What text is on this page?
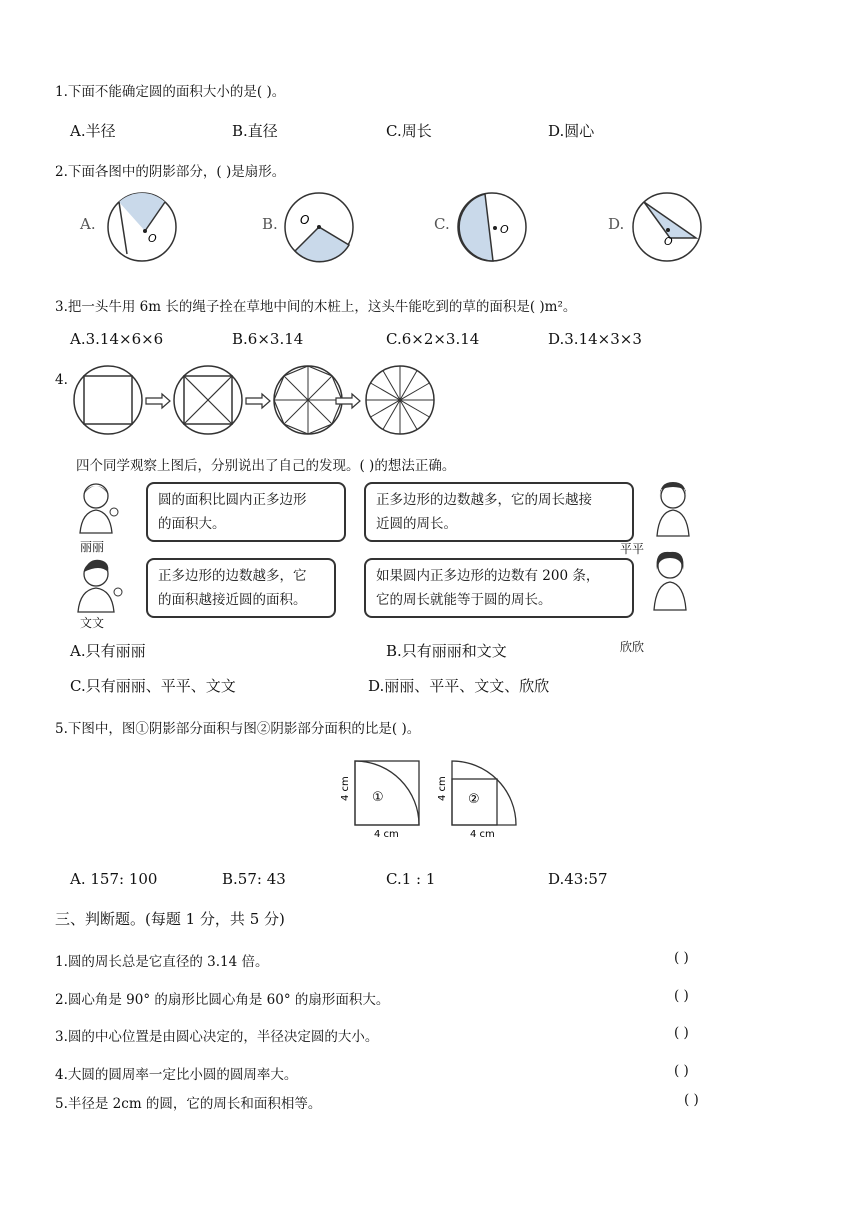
1.下面不能确定圆的面积大小的是( )。
A.半径	B.直径	C.周长	D.圆心
2.下面各图中的阴影部分，( )是扇形。
A.
O
B. O	C.	O	D.
O
3.把一头牛用 6m 长的绳子拴在草地中间的木桩上，这头牛能吃到的草的面积是( )m²。
A.3.14×6×6	B.6×3.14	C.6×2×3.14	D.3.14×3×3
4.
四个同学观察上图后，分别说出了自己的发现。( )的想法正确。
丽丽
圆的面积比圆内正多边形
的面积大。
正多边形的边数越多，它的周长越接
近圆的周长。
平平
文文
正多边形的边数越多，它
的面积越接近圆的面积。
如果圆内正多边形的边数有 200 条，
它的周长就能等于圆的周长。
欣欣
A.只有丽丽	B.只有丽丽和文文
C.只有丽丽、平平、文文	D.丽丽、平平、文文、欣欣
5.下图中，图①阴影部分面积与图②阴影部分面积的比是( )。
①
4 cm
4 cm
②
4 cm
4 cm
A. 157: 100	B.57: 43	C.1 : 1	D.43:57
三、判断题。(每题 1 分，共 5 分)
1.圆的周长总是它直径的 3.14 倍。	( )
2.圆心角是 90° 的扇形比圆心角是 60° 的扇形面积大。	( )
3.圆的中心位置是由圆心决定的，半径决定圆的大小。	( )
4.大圆的圆周率一定比小圆的圆周率大。	( )
5.半径是 2cm 的圆，它的周长和面积相等。	( )
